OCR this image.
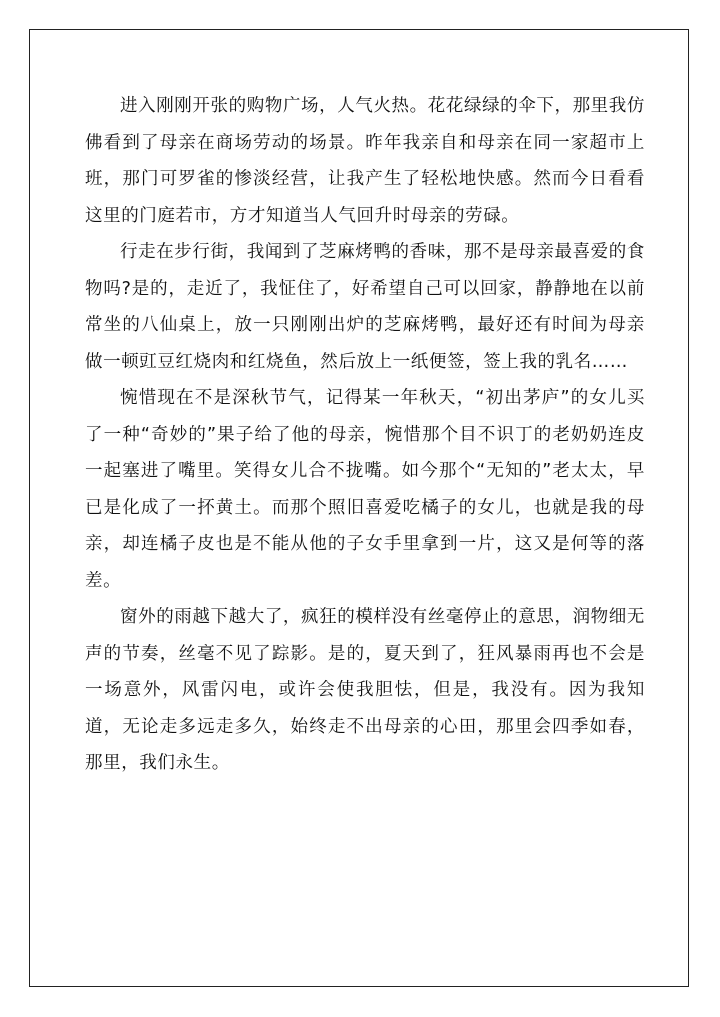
进入刚刚开张的购物广场，人气火热。花花绿绿的伞下，那里我仿佛看到了母亲在商场劳动的场景。昨年我亲自和母亲在同一家超市上班，那门可罗雀的惨淡经营，让我产生了轻松地快感。然而今日看看这里的门庭若市，方才知道当人气回升时母亲的劳碌。

行走在步行街，我闻到了芝麻烤鸭的香味，那不是母亲最喜爱的食物吗?是的，走近了，我怔住了，好希望自己可以回家，静静地在以前常坐的八仙桌上，放一只刚刚出炉的芝麻烤鸭，最好还有时间为母亲做一顿豇豆红烧肉和红烧鱼，然后放上一纸便签，签上我的乳名……

惋惜现在不是深秋节气，记得某一年秋天，“初出茅庐”的女儿买了一种“奇妙的”果子给了他的母亲，惋惜那个目不识丁的老奶奶连皮一起塞进了嘴里。笑得女儿合不拢嘴。如今那个“无知的”老太太，早已是化成了一抔黄土。而那个照旧喜爱吃橘子的女儿，也就是我的母亲，却连橘子皮也是不能从他的子女手里拿到一片，这又是何等的落差。

窗外的雨越下越大了，疯狂的模样没有丝毫停止的意思，润物细无声的节奏，丝毫不见了踪影。是的，夏天到了，狂风暴雨再也不会是一场意外，风雷闪电，或许会使我胆怯，但是，我没有。因为我知道，无论走多远走多久，始终走不出母亲的心田，那里会四季如春，那里，我们永生。
